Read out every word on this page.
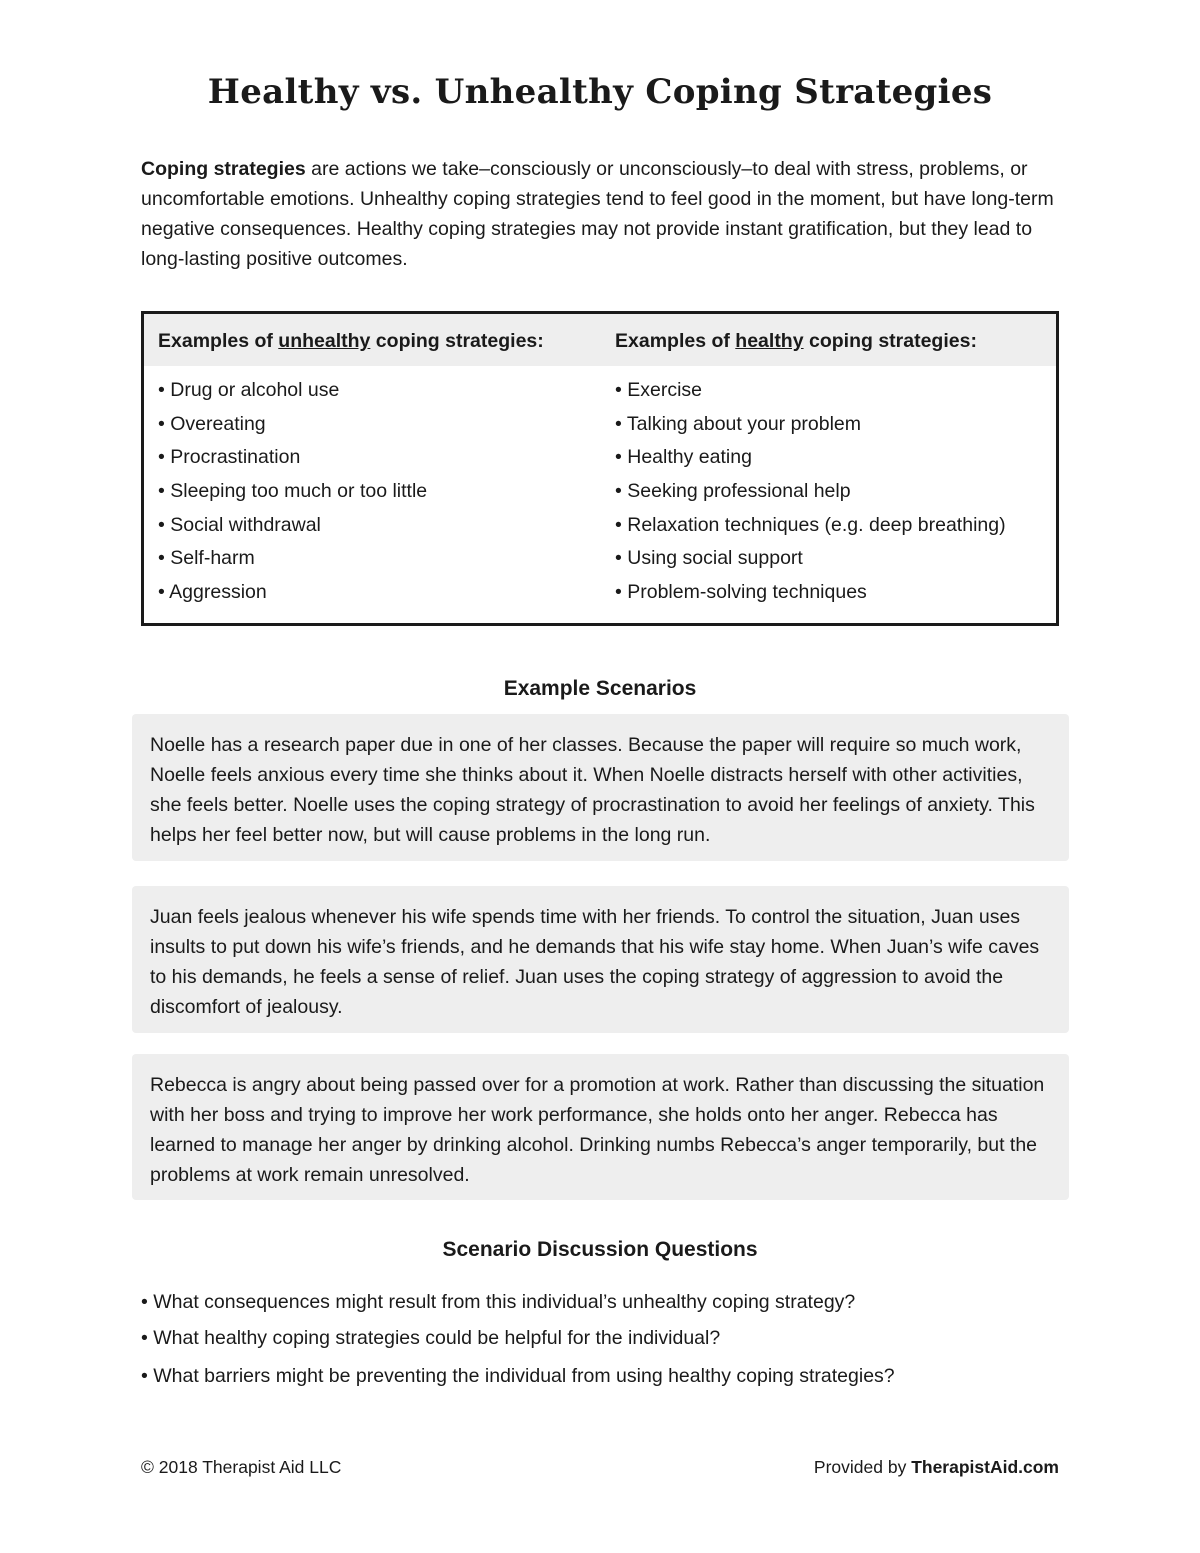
Healthy vs. Unhealthy Coping Strategies
Coping strategies are actions we take–consciously or unconsciously–to deal with stress, problems, or uncomfortable emotions. Unhealthy coping strategies tend to feel good in the moment, but have long-term negative consequences. Healthy coping strategies may not provide instant gratification, but they lead to long-lasting positive outcomes.
Examples of unhealthy coping strategies:	Examples of healthy coping strategies:
• Drug or alcohol use
• Overeating
• Procrastination
• Sleeping too much or too little
• Social withdrawal
• Self-harm
• Aggression
• Exercise
• Talking about your problem
• Healthy eating
• Seeking professional help
• Relaxation techniques (e.g. deep breathing)
• Using social support
• Problem-solving techniques
Example Scenarios
Noelle has a research paper due in one of her classes. Because the paper will require so much work, Noelle feels anxious every time she thinks about it. When Noelle distracts herself with other activities, she feels better. Noelle uses the coping strategy of procrastination to avoid her feelings of anxiety. This helps her feel better now, but will cause problems in the long run.
Juan feels jealous whenever his wife spends time with her friends. To control the situation, Juan uses insults to put down his wife’s friends, and he demands that his wife stay home. When Juan’s wife caves to his demands, he feels a sense of relief. Juan uses the coping strategy of aggression to avoid the discomfort of jealousy.
Rebecca is angry about being passed over for a promotion at work. Rather than discussing the situation with her boss and trying to improve her work performance, she holds onto her anger. Rebecca has learned to manage her anger by drinking alcohol. Drinking numbs Rebecca’s anger temporarily, but the problems at work remain unresolved.
Scenario Discussion Questions
• What consequences might result from this individual’s unhealthy coping strategy?
• What healthy coping strategies could be helpful for the individual?
• What barriers might be preventing the individual from using healthy coping strategies?
© 2018 Therapist Aid LLC	Provided by TherapistAid.com
